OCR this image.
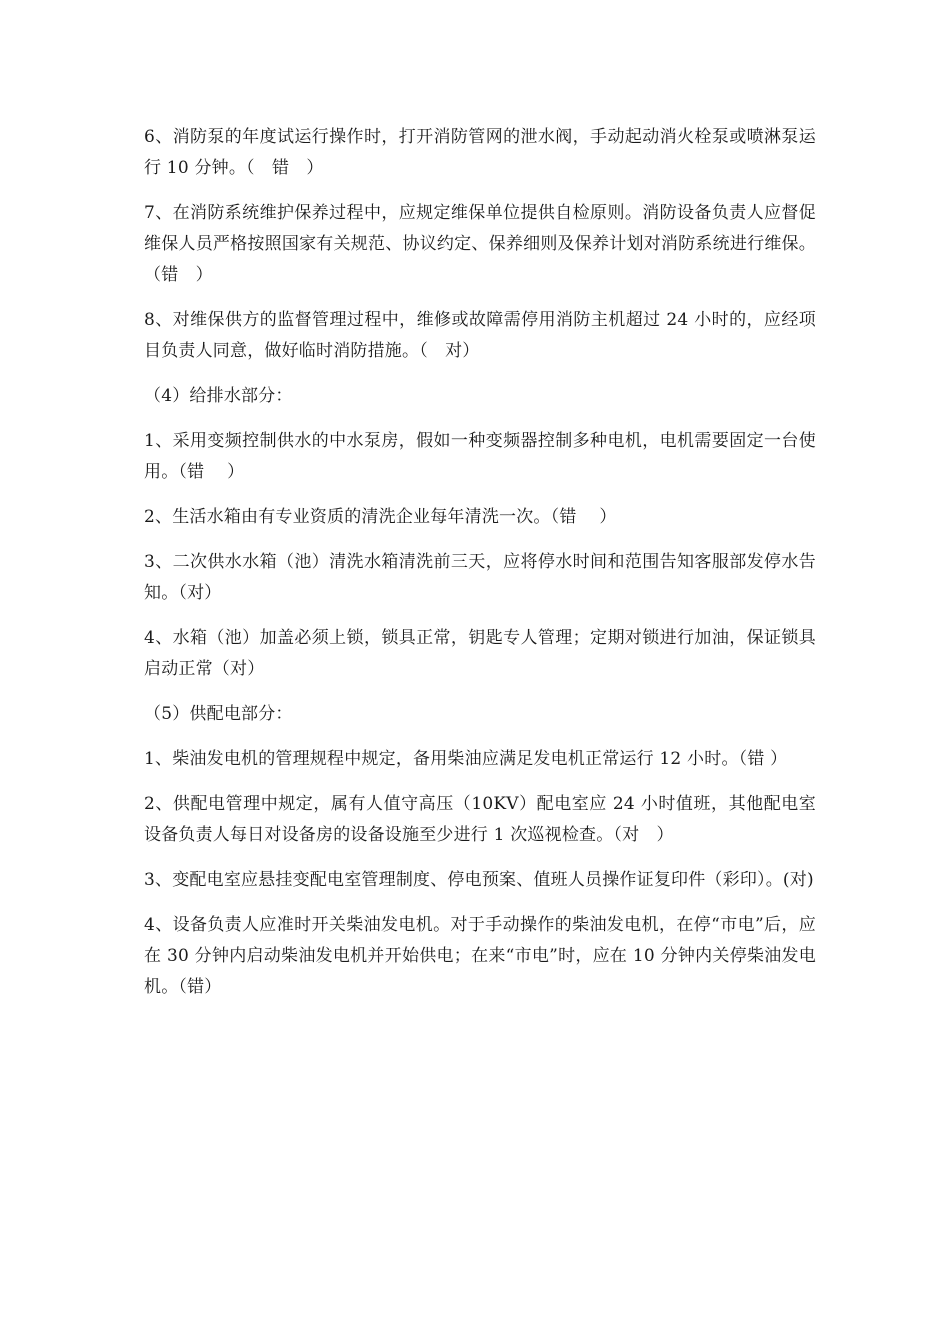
6、消防泵的年度试运行操作时，打开消防管网的泄水阀，手动起动消火栓泵或喷淋泵运行 10 分钟。（　错　）

7、在消防系统维护保养过程中，应规定维保单位提供自检原则。消防设备负责人应督促维保人员严格按照国家有关规范、协议约定、保养细则及保养计划对消防系统进行维保。（错　）

8、对维保供方的监督管理过程中，维修或故障需停用消防主机超过 24 小时的，应经项目负责人同意，做好临时消防措施。（　对）

（4）给排水部分：

1、采用变频控制供水的中水泵房，假如一种变频器控制多种电机，电机需要固定一台使用。（错　 ）

2、生活水箱由有专业资质的清洗企业每年清洗一次。（错　 ）

3、二次供水水箱（池）清洗水箱清洗前三天，应将停水时间和范围告知客服部发停水告知。（对）

4、水箱（池）加盖必须上锁，锁具正常，钥匙专人管理；定期对锁进行加油，保证锁具启动正常（对）

（5）供配电部分：

1、柴油发电机的管理规程中规定，备用柴油应满足发电机正常运行 12 小时。（错 ）

2、供配电管理中规定，属有人值守高压（10KV）配电室应 24 小时值班，其他配电室设备负责人每日对设备房的设备设施至少进行 1 次巡视检查。（对　）

3、变配电室应悬挂变配电室管理制度、停电预案、值班人员操作证复印件（彩印）。(对)

4、设备负责人应准时开关柴油发电机。对于手动操作的柴油发电机，在停“市电”后，应在 30 分钟内启动柴油发电机并开始供电；在来“市电”时，应在 10 分钟内关停柴油发电机。（错）
